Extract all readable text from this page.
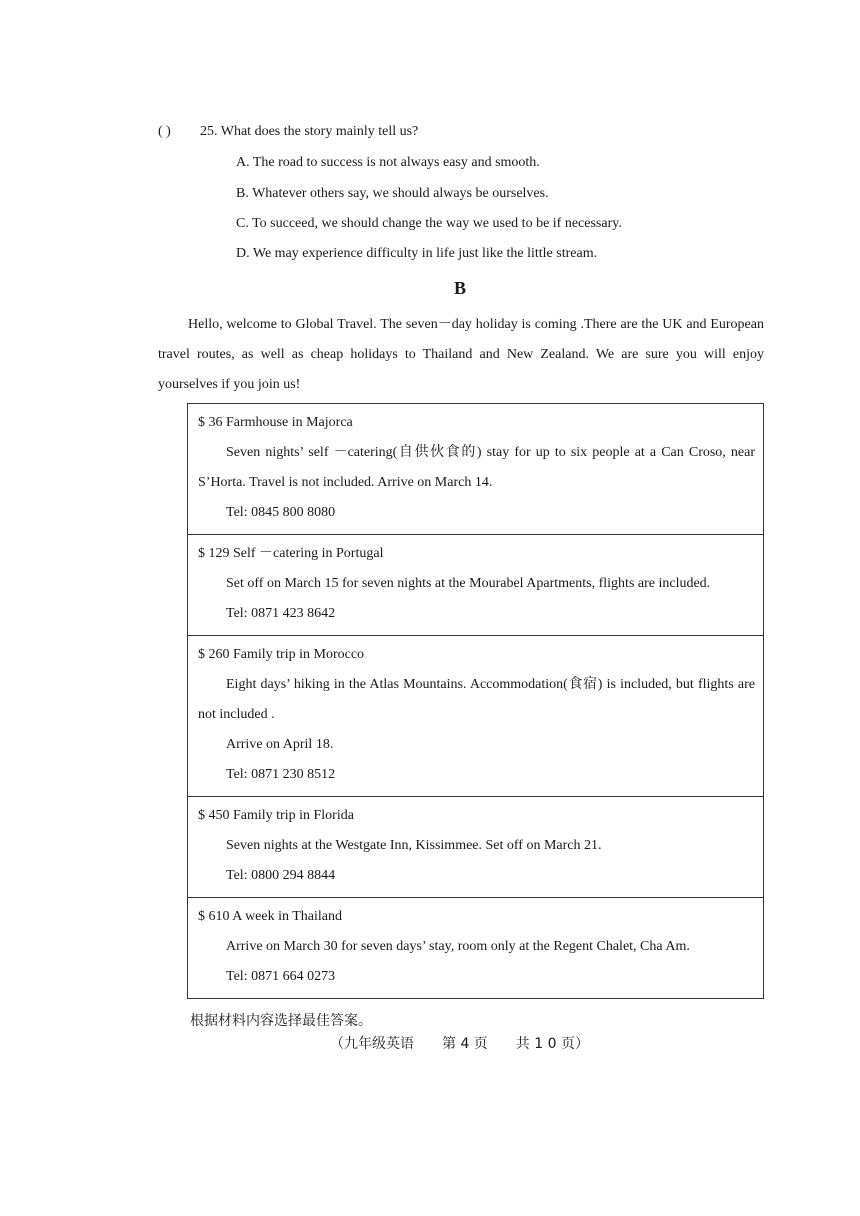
( ) 25. What does the story mainly tell us?
A. The road to success is not always easy and smooth.
B. Whatever others say, we should always be ourselves.
C. To succeed, we should change the way we used to be if necessary.
D. We may experience difficulty in life just like the little stream.
B
Hello, welcome to Global Travel. The seven－day holiday is coming .There are the UK and European travel routes, as well as cheap holidays to Thailand and New Zealand. We are sure you will enjoy yourselves if you join us!
$ 36 Farmhouse in Majorca
Seven nights’ self －catering(自供伙食的) stay for up to six people at a Can Croso, near S’Horta. Travel is not included. Arrive on March 14.
Tel: 0845 800 8080

$ 129 Self －catering in Portugal
Set off on March 15 for seven nights at the Mourabel Apartments, flights are included.
Tel: 0871 423 8642

$ 260 Family trip in Morocco
Eight days’ hiking in the Atlas Mountains. Accommodation(食宿) is included, but flights are not included .
Arrive on April 18.
Tel: 0871 230 8512

$ 450 Family trip in Florida
Seven nights at the Westgate Inn, Kissimmee. Set off on March 21.
Tel: 0800 294 8844

$ 610 A week in Thailand
Arrive on March 30 for seven days’ stay, room only at the Regent Chalet, Cha Am.
Tel: 0871 664 0273
根据材料内容选择最佳答案。
（九年级英语　　第 4 页　　共 1 0 页）
